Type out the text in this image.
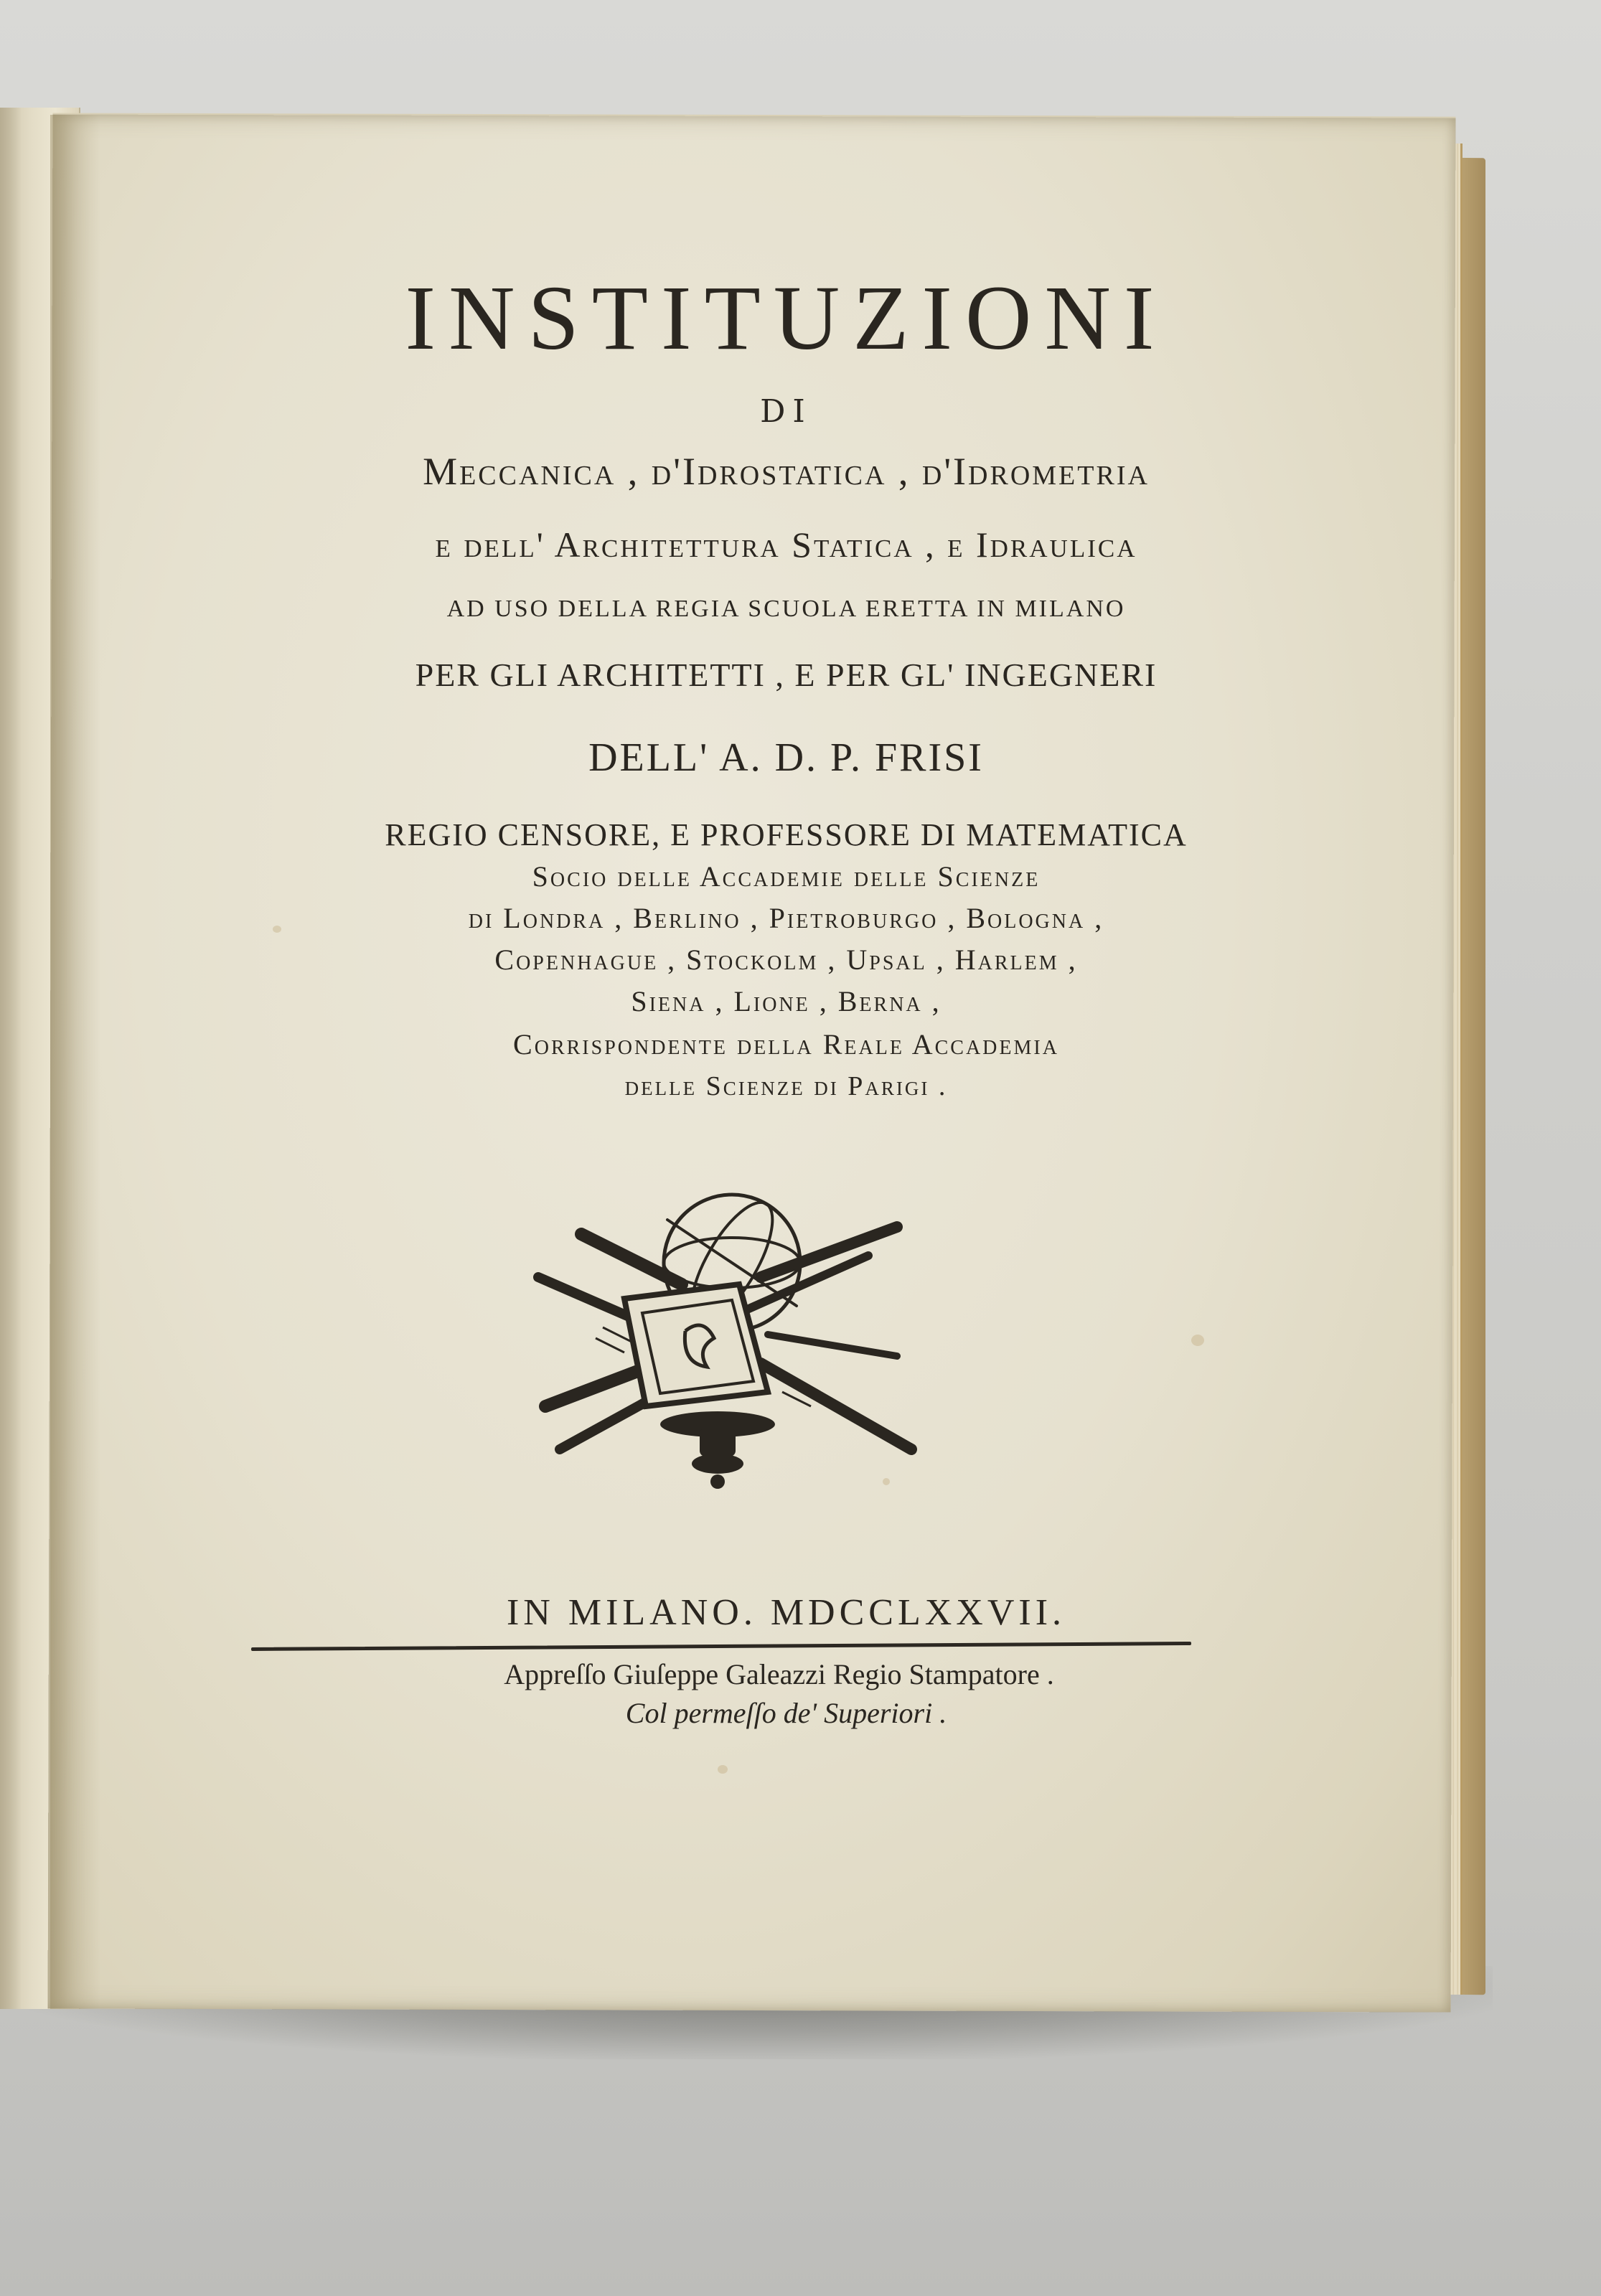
INSTITUZIONI
DI
Meccanica , d'Idrostatica , d'Idrometria
e dell' Architettura Statica , e Idraulica
AD USO DELLA REGIA SCUOLA ERETTA IN MILANO
PER GLI ARCHITETTI , E PER GL' INGEGNERI
DELL' A. D. P. FRISI
REGIO CENSORE, E PROFESSORE DI MATEMATICA
Socio delle Accademie delle Scienze
di Londra , Berlino , Pietroburgo , Bologna ,
Copenhague , Stockolm , Upsal , Harlem ,
Siena , Lione , Berna ,
Corrispondente della Reale Accademia
delle Scienze di Parigi .
IN MILANO. MDCCLXXVII.
Appreſſo Giuſeppe Galeazzi Regio Stampatore .
Col permeſſo de' Superiori .
